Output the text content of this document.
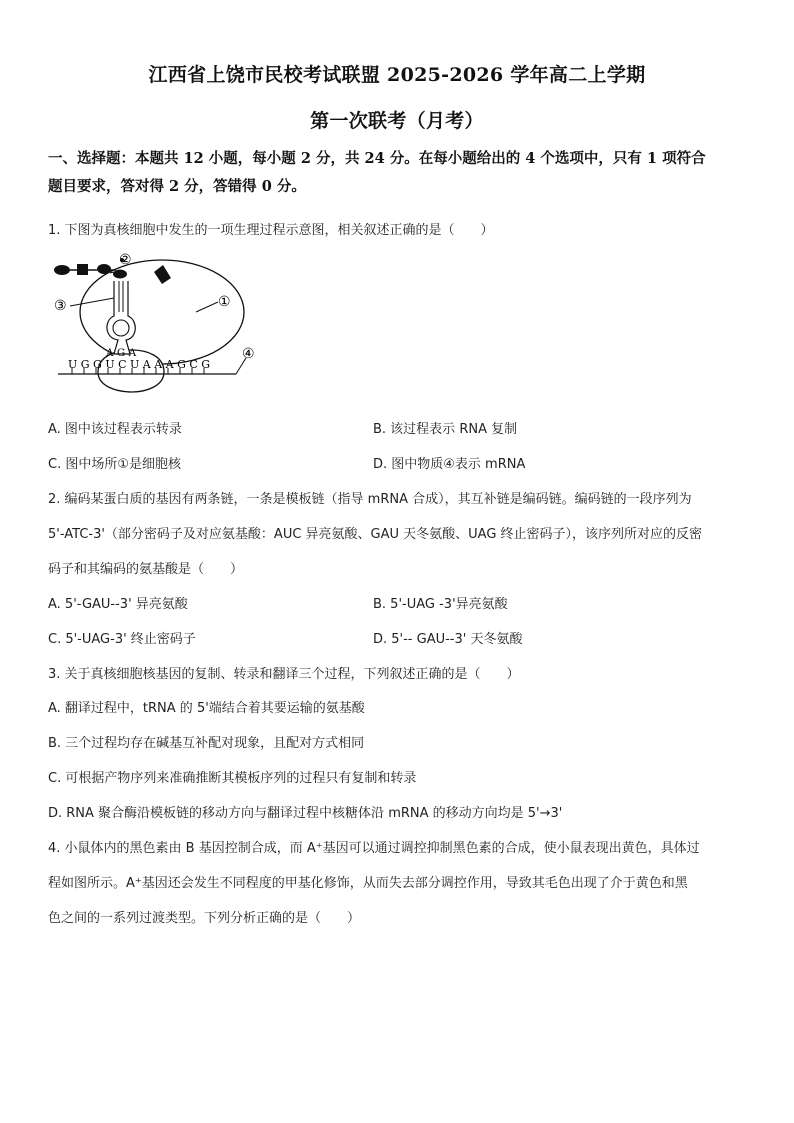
江西省上饶市民校考试联盟 2025-2026 学年高二上学期
第一次联考（月考）
一、选择题：本题共 12 小题，每小题 2 分，共 24 分。在每小题给出的 4 个选项中，只有 1 项符合
题目要求，答对得 2 分，答错得 0 分。
1. 下图为真核细胞中发生的一项生理过程示意图，相关叙述正确的是（　　）
②
③	①
A G A
U G G U C U A A A G C G
④
A. 图中该过程表示转录	B. 该过程表示 RNA 复制
C. 图中场所①是细胞核	D. 图中物质④表示 mRNA
2. 编码某蛋白质的基因有两条链，一条是模板链（指导 mRNA 合成），其互补链是编码链。编码链的一段序列为
5'-ATC-3'（部分密码子及对应氨基酸：AUC 异亮氨酸、GAU 天冬氨酸、UAG 终止密码子），该序列所对应的反密
码子和其编码的氨基酸是（　　）
A. 5'-GAU--3' 异亮氨酸	B. 5'-UAG -3'异亮氨酸
C. 5'-UAG-3' 终止密码子	D. 5'-- GAU--3' 天冬氨酸
3. 关于真核细胞核基因的复制、转录和翻译三个过程，下列叙述正确的是（　　）
A. 翻译过程中，tRNA 的 5'端结合着其要运输的氨基酸
B. 三个过程均存在碱基互补配对现象，且配对方式相同
C. 可根据产物序列来准确推断其模板序列的过程只有复制和转录
D. RNA 聚合酶沿模板链的移动方向与翻译过程中核糖体沿 mRNA 的移动方向均是 5'→3'
4. 小鼠体内的黑色素由 B 基因控制合成，而 A⁺基因可以通过调控抑制黑色素的合成，使小鼠表现出黄色，具体过
程如图所示。A⁺基因还会发生不同程度的甲基化修饰，从而失去部分调控作用，导致其毛色出现了介于黄色和黑
色之间的一系列过渡类型。下列分析正确的是（　　）
